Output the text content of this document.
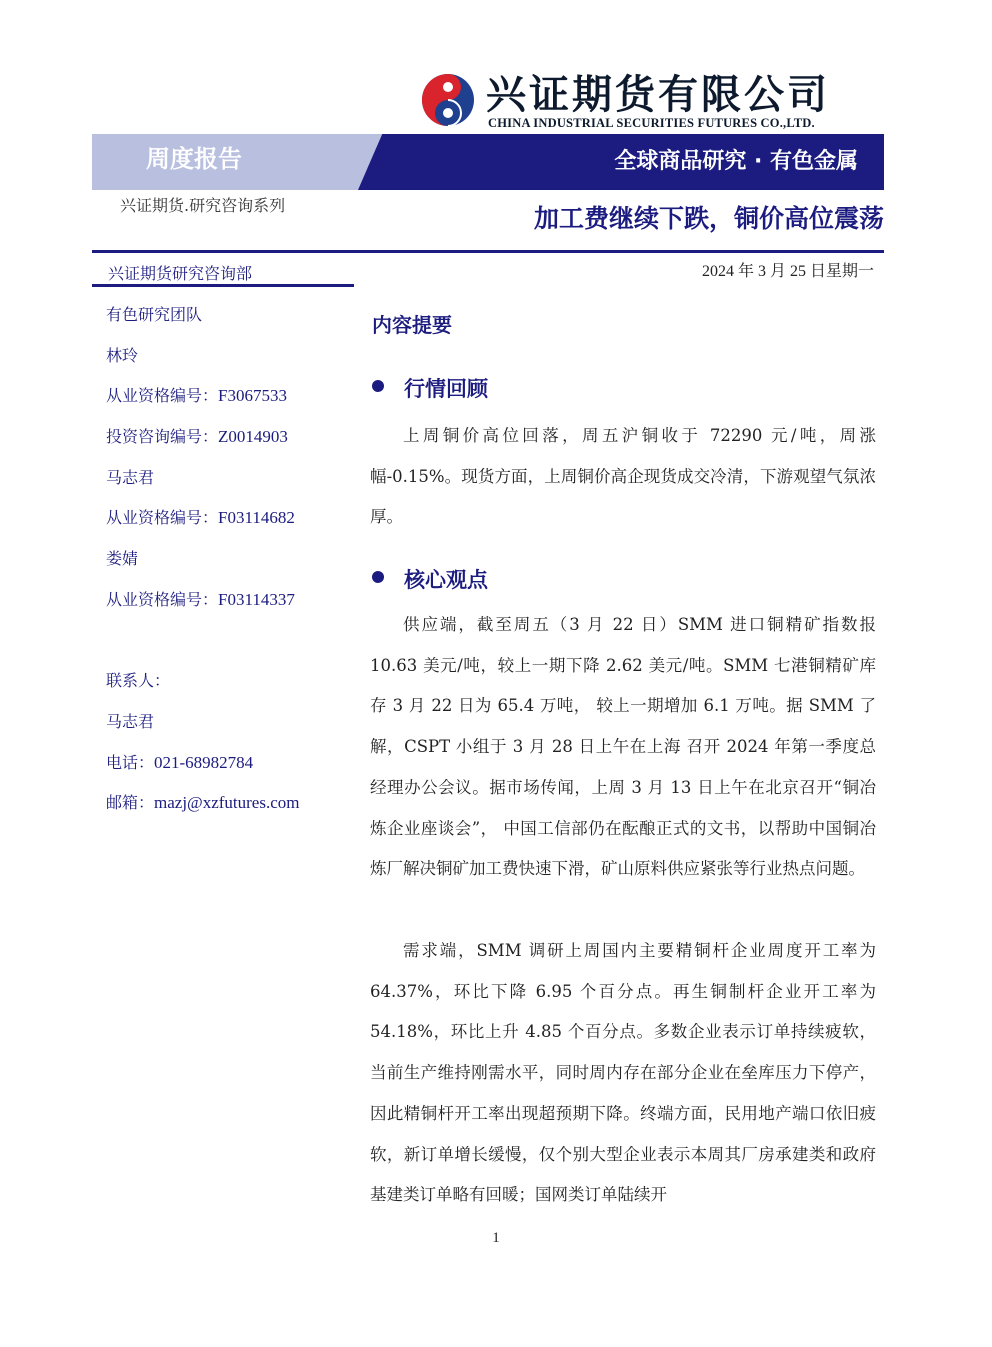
兴证期货有限公司
CHINA INDUSTRIAL SECURITIES FUTURES CO.,LTD.
周度报告	全球商品研究 · 有色金属
兴证期货.研究咨询系列	加工费继续下跌，铜价高位震荡
兴证期货研究咨询部
有色研究团队
林玲
从业资格编号：F3067533
投资咨询编号：Z0014903
马志君
从业资格编号：F03114682
娄婧
从业资格编号：F03114337
联系人：
马志君
电话：021-68982784
邮箱：mazj@xzfutures.com
2024 年 3 月 25 日星期一
内容提要
行情回顾

上周铜价高位回落，周五沪铜收于 72290 元/吨，周涨幅-0.15%。现货方面，上周铜价高企现货成交冷清，下游观望气氛浓厚。

核心观点

供应端，截至周五（3 月 22 日）SMM 进口铜精矿指数报 10.63 美元/吨，较上一期下降 2.62 美元/吨。SMM 七港铜精矿库存 3 月 22 日为 65.4 万吨， 较上一期增加 6.1 万吨。据 SMM 了解，CSPT 小组于 3 月 28 日上午在上海 召开 2024 年第一季度总经理办公会议。据市场传闻，上周 3 月 13 日上午在北京召开“铜冶炼企业座谈会”， 中国工信部仍在酝酿正式的文书，以帮助中国铜冶炼厂解决铜矿加工费快速下滑，矿山原料供应紧张等行业热点问题。

需求端，SMM 调研上周国内主要精铜杆企业周度开工率为 64.37%，环比下降 6.95 个百分点。再生铜制杆企业开工率为 54.18%，环比上升 4.85 个百分点。多数企业表示订单持续疲软，当前生产维持刚需水平，同时周内存在部分企业在垒库压力下停产，因此精铜杆开工率出现超预期下降。终端方面，民用地产端口依旧疲软，新订单增长缓慢，仅个别大型企业表示本周其厂房承建类和政府基建类订单略有回暖；国网类订单陆续开

1
